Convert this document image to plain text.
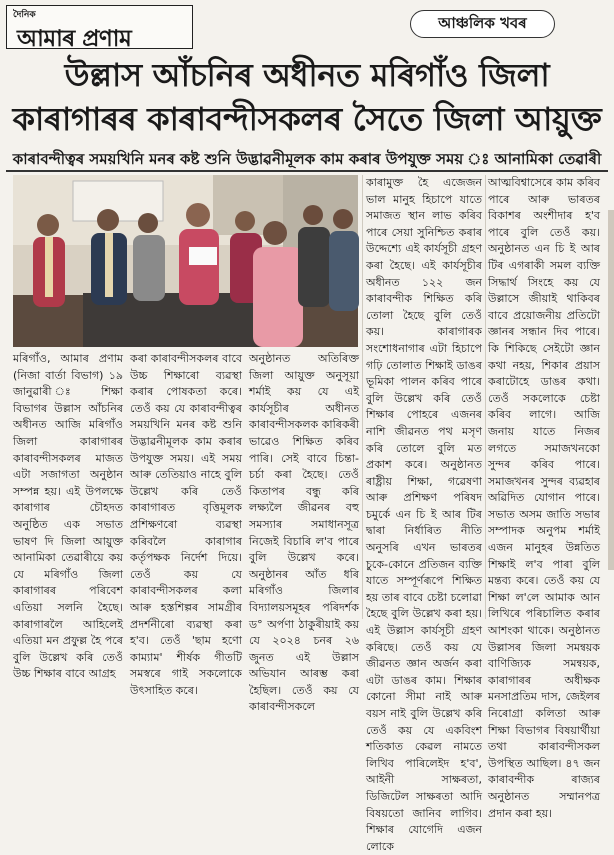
দৈনিক
আমাৰ প্ৰণাম
আঞ্চলিক খবৰ
উল্লাস আঁচনিৰ অধীনত মৰিগাঁও জিলা
কাৰাগাৰৰ কাৰাবন্দীসকলৰ সৈতে জিলা আয়ুক্ত
কাৰাবন্দীত্বৰ সময়খিনি মনৰ কষ্ট শুনি উদ্ভাৱনীমূলক কাম কৰাৰ উপযুক্ত সময় ঃ আনামিকা তেৱাৰী
মৰিগাঁও, আমাৰ প্ৰণাম (নিজা বাৰ্তা বিভাগ) ১৯ জানুৱাৰী ঃ শিক্ষা বিভাগৰ উল্লাস আঁচনিৰ অধীনত আজি মৰিগাঁও জিলা কাৰাগাৰৰ কাৰাবন্দীসকলৰ মাজত এটা সজাগতা অনুষ্ঠান সম্পন্ন হয়। এই উপলক্ষে কাৰাগাৰ চৌহদত অনুষ্ঠিত এক সভাত ভাষণ দি জিলা আয়ুক্ত আনামিকা তেৱাৰীয়ে কয় যে মৰিগাঁও জিলা কাৰাগাৰৰ পৰিবেশ এতিয়া সলনি হৈছে। কাৰাগাৰলৈ আহিলেই এতিয়া মন প্ৰফুল্ল হৈ পৰে বুলি উল্লেখ কৰি তেওঁ উচ্চ শিক্ষাৰ বাবে আগ্ৰহ
কৰা কাৰাবন্দীসকলৰ বাবে উচ্চ শিক্ষাৰো ব্যৱস্থা কৰাৰ পোষকতা কৰে। তেওঁ কয় যে কাৰাবন্দীত্বৰ সময়খিনি মনৰ কষ্ট শুনি উদ্ভাৱনীমূলক কাম কৰাৰ উপযুক্ত সময়। এই সময় আৰু তেতিয়াও নাহে বুলি উল্লেখ কৰি তেওঁ কাৰাগাৰত বৃত্তিমূলক প্ৰশিক্ষণৰো ব্যৱস্থা কৰিবলৈ কাৰাগাৰ কৰ্তৃপক্ষক নিৰ্দেশ দিয়ে। তেওঁ কয় যে কাৰাবন্দীসকলৰ কলা আৰু হস্তশিল্পৰ সামগ্ৰীৰ প্ৰদৰ্শনীৰো ব্যৱস্থা কৰা হ'ব। তেওঁ 'ছাম হণো কাম্যাম' শীৰ্ষক গীতটি সমস্বৰে গাই সকলোকে উৎসাহিত কৰে।
অনুষ্ঠানত অতিৰিক্ত জিলা আয়ুক্ত অনুসূয়া শৰ্মাই কয় যে এই কাৰ্যসূচীৰ অধীনত কাৰাবন্দীসকলক কাৰিকৰী ভাৱেও শিক্ষিত কৰিব পাৰি। সেই বাবে চিন্তা-চৰ্চা কৰা হৈছে। তেওঁ কিতাপৰ বন্ধু কৰি লক্ষ্যলৈ জীৱনৰ বহু সমস্যাৰ সমাধানসূত্ৰ নিজেই বিচাৰি ল'ব পাৰে বুলি উল্লেখ কৰে। অনুষ্ঠানৰ আঁত ধৰি মৰিগাঁও জিলাৰ বিদ্যালয়সমূহৰ পৰিদৰ্শক ড° অৰ্পণা ঠাকুৰীয়াই কয় যে ২০২৪ চনৰ ২৬ জুনত এই উল্লাস অভিযান আৰম্ভ কৰা হৈছিল। তেওঁ কয় যে কাৰাবন্দীসকলে
কাৰামুক্ত হৈ এজেজন ভাল মানুহ হিচাপে যাতে সমাজত স্থান লাভ কৰিব পাৰে সেয়া সুনিশ্চিত কৰাৰ উদ্দেশ্যে এই কাৰ্যসূচী গ্ৰহণ কৰা হৈছে। এই কাৰ্যসূচীৰ অধীনত ১২২ জন কাৰাবন্দীক শিক্ষিত কৰি তোলা হৈছে বুলি তেওঁ কয়। কাৰাগাৰক সংশোধনাগাৰ এটা হিচাপে গঢ়ি তোলাত শিক্ষাই ডাঙৰ ভূমিকা পালন কৰিব পাৰে বুলি উল্লেখ কৰি তেওঁ শিক্ষাৰ পোহৰে এজনৰ নাশি জীৱনত পথ মসৃণ কৰি তোলে বুলি মত প্ৰকাশ কৰে। অনুষ্ঠানত ৰাষ্ট্ৰীয় শিক্ষা, গৱেষণা আৰু প্ৰশিক্ষণ পৰিষদ চমুৰ্কে এন চি ই আৰ টিৰ দ্বাৰা নিৰ্ধাৰিত নীতি অনুসৰি এখন ভাৰতৰ চুকে-কোনে প্ৰতিজন ব্যক্তি যাতে সম্পূৰ্ণৰূপে শিক্ষিত হয় তাৰ বাবে চেষ্টা চলোৱা হৈছে বুলি উল্লেখ কৰা হয়। এই উল্লাস কাৰ্যসূচী গ্ৰহণ কৰিছে। তেওঁ কয় যে জীৱনত জ্ঞান অৰ্জন কৰা এটা ডাঙৰ কাম। শিক্ষাৰ কোনো সীমা নাই আৰু বয়স নাই বুলি উল্লেখ কৰি তেওঁ কয় যে একবিংশ শতিকাত কেৱল নামতে লিখিব পাৰিলেইদ হ'ব', আইনী সাক্ষৰতা, ডিজিটেল সাক্ষৰতা আদি বিষয়তো জানিব লাগিব। শিক্ষাৰ যোগেদি এজন লোকে
আত্মবিশ্বাসেৰে কাম কৰিব পাৰে আৰু ভাৰতৰ বিকাশৰ অংশীদাৰ হ'ব পাৰে বুলি তেওঁ কয়। অনুষ্ঠানত এন চি ই আৰ টিৰ এগৰাকী সমল ব্যক্তি সিদ্ধাৰ্থ সিংহে কয় যে উল্লাসে জীয়াই থাকিবৰ বাবে প্ৰয়োজনীয় প্ৰতিটো জ্ঞানৰ সন্ধান দিব পাৰে। কি শিকিছে সেইটো জ্ঞান কথা নহয়, শিকাৰ প্ৰয়াস কৰাটোহে ডাঙৰ কথা। তেওঁ সকলোকে চেষ্টা কৰিব লাগে। আজি জনায় যাতে নিজৰ লগতে সমাজখনকো সুন্দৰ কৰিব পাৰে। সমাজখনৰ সুন্দৰ ব্যৱহাৰ অৱিদিত যোগান পাৰে। সভাত অসম জাতি সভাৰ সম্পাদক অনুপম শৰ্মাই এজন মানুহৰ উন্নতিত শিক্ষাই ল'ব পাৰা বুলি মন্তব্য কৰে। তেওঁ কয় যে শিক্ষা ল'লে আমাক আন লিখিৰে পৰিচালিত কৰাৰ আশংকা থাকে। অনুষ্ঠানত উল্লাসৰ জিলা সমন্বয়ক বাণিজ্যিক সমন্বয়ক, কাৰাগাৰৰ অধীক্ষক মনসাপ্ৰতিম দাস, জেইলৰ নিৰোগ্ৰা কলিতা আৰু শিক্ষা বিভাগৰ বিষয়াৰ্থীয়া তথা কাৰাবন্দীসকল উপস্থিত আছিল। ৪৭ জন কাৰাবন্দীক ৰাজ্যৰ অনুষ্ঠানত সম্মানপত্ৰ প্ৰদান কৰা হয়।
